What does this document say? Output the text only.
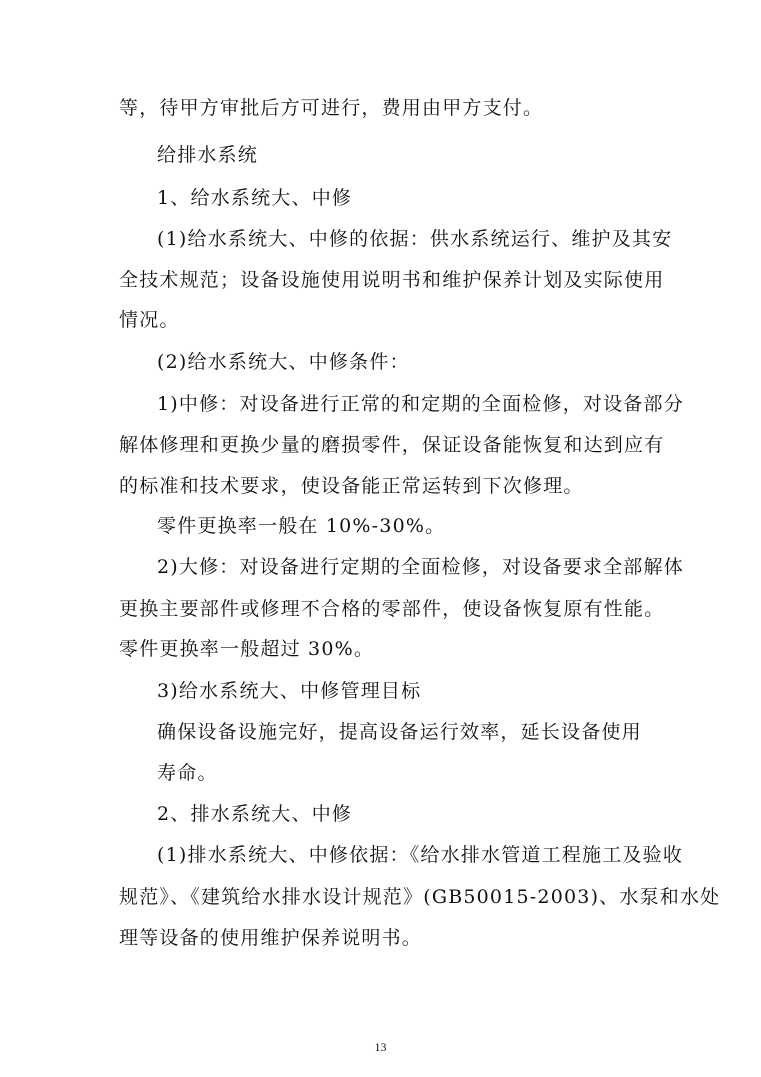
等，待甲方审批后方可进行，费用由甲方支付。
给排水系统
1、给水系统大、中修
(1)给水系统大、中修的依据：供水系统运行、维护及其安
全技术规范；设备设施使用说明书和维护保养计划及实际使用
情况。
(2)给水系统大、中修条件：
1)中修：对设备进行正常的和定期的全面检修，对设备部分
解体修理和更换少量的磨损零件，保证设备能恢复和达到应有
的标准和技术要求，使设备能正常运转到下次修理。
零件更换率一般在 10%-30%。
2)大修：对设备进行定期的全面检修，对设备要求全部解体
更换主要部件或修理不合格的零部件，使设备恢复原有性能。
零件更换率一般超过 30%。
3)给水系统大、中修管理目标
确保设备设施完好，提高设备运行效率，延长设备使用
寿命。
2、排水系统大、中修
(1)排水系统大、中修依据：《给水排水管道工程施工及验收
规范》、《建筑给水排水设计规范》(GB50015-2003)、水泵和水处
理等设备的使用维护保养说明书。
13
